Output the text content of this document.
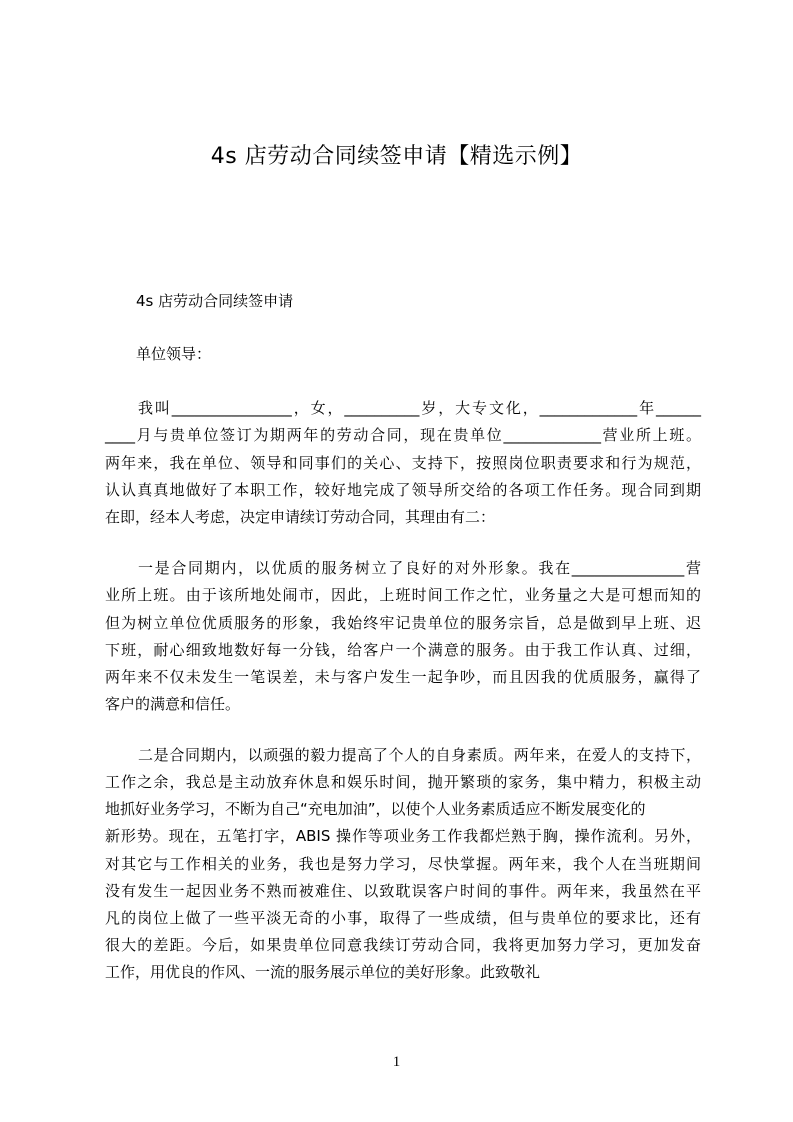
4s 店劳动合同续签申请【精选示例】
4s 店劳动合同续签申请
单位领导：
我叫________________，女，__________岁，大专文化，_____________年______
____月与贵单位签订为期两年的劳动合同，现在贵单位_____________营业所上班。
两年来，我在单位、领导和同事们的关心、支持下，按照岗位职责要求和行为规范，
认认真真地做好了本职工作，较好地完成了领导所交给的各项工作任务。现合同到期
在即，经本人考虑，决定申请续订劳动合同，其理由有二：
一是合同期内，以优质的服务树立了良好的对外形象。我在_______________营
业所上班。由于该所地处闹市，因此，上班时间工作之忙，业务量之大是可想而知的
但为树立单位优质服务的形象，我始终牢记贵单位的服务宗旨，总是做到早上班、迟
下班，耐心细致地数好每一分钱，给客户一个满意的服务。由于我工作认真、过细，
两年来不仅未发生一笔误差，未与客户发生一起争吵，而且因我的优质服务，赢得了
客户的满意和信任。
二是合同期内，以顽强的毅力提高了个人的自身素质。两年来，在爱人的支持下，
工作之余，我总是主动放弃休息和娱乐时间，抛开繁琐的家务，集中精力，积极主动
地抓好业务学习，不断为自己“充电加油”，以使个人业务素质适应不断发展变化的
新形势。现在，五笔打字，ABIS 操作等项业务工作我都烂熟于胸，操作流利。另外，
对其它与工作相关的业务，我也是努力学习，尽快掌握。两年来，我个人在当班期间
没有发生一起因业务不熟而被难住、以致耽误客户时间的事件。两年来，我虽然在平
凡的岗位上做了一些平淡无奇的小事，取得了一些成绩，但与贵单位的要求比，还有
很大的差距。今后，如果贵单位同意我续订劳动合同，我将更加努力学习，更加发奋
工作，用优良的作风、一流的服务展示单位的美好形象。此致敬礼
1
